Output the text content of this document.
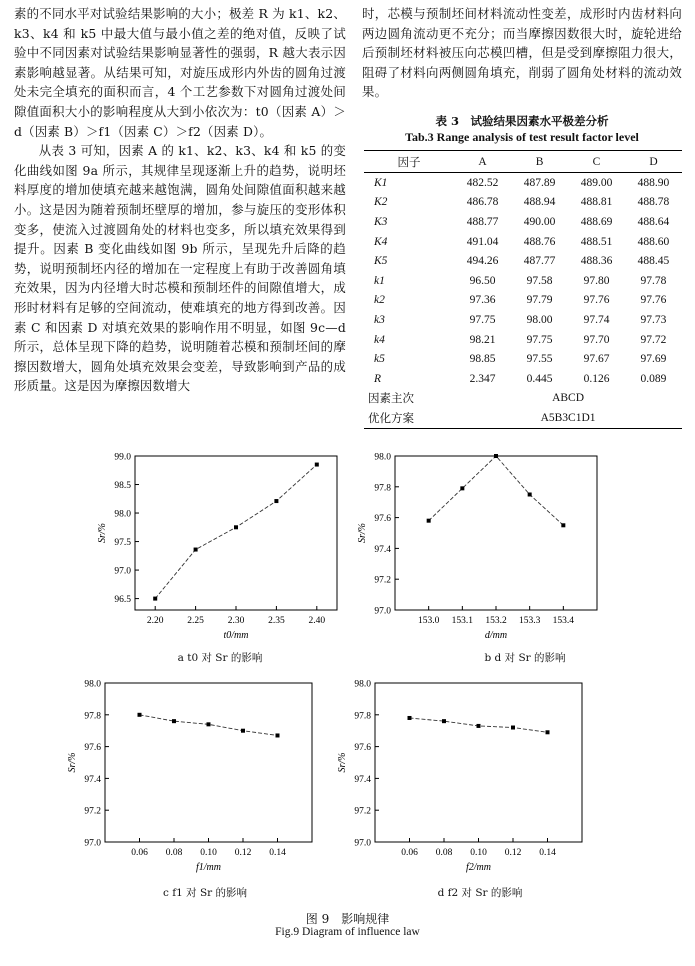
素的不同水平对试验结果影响的大小；极差 R 为 k1、k2、k3、k4 和 k5 中最大值与最小值之差的绝对值，反映了试验中不同因素对试验结果影响显著性的强弱，R 越大表示因素影响越显著。从结果可知，对旋压成形内外齿的圆角过渡处未完全填充的面积而言，4 个工艺参数下对圆角过渡处间隙值面积大小的影响程度从大到小依次为：t0（因素 A）＞d（因素 B）＞f1（因素 C）＞f2（因素 D）。

从表 3 可知，因素 A 的 k1、k2、k3、k4 和 k5 的变化曲线如图 9a 所示，其规律呈现逐渐上升的趋势，说明坯料厚度的增加使填充越来越饱满，圆角处间隙值面积越来越小。这是因为随着预制坯壁厚的增加，参与旋压的变形体积变多，使流入过渡圆角处的材料也变多，所以填充效果得到提升。因素 B 变化曲线如图 9b 所示，呈现先升后降的趋势，说明预制坯内径的增加在一定程度上有助于改善圆角填充效果，因为内径增大时芯模和预制坯件的间隙值增大，成形时材料有足够的空间流动，使难填充的地方得到改善。因素 C 和因素 D 对填充效果的影响作用不明显，如图 9c—d 所示，总体呈现下降的趋势，说明随着芯模和预制坯间的摩擦因数增大，圆角处填充效果会变差，导致影响到产品的成形质量。这是因为摩擦因数增大

时，芯模与预制坯间材料流动性变差，成形时内齿材料向两边圆角流动更不充分；而当摩擦因数很大时，旋轮进给后预制坯材料被压向芯模凹槽，但是受到摩擦阻力很大，阻碍了材料向两侧圆角填充，削弱了圆角处材料的流动效果。

表 3　试验结果因素水平极差分析
Tab.3 Range analysis of test result factor level
因子	A	B	C	D
K1	482.52	487.89	489.00	488.90
K2	486.78	488.94	488.81	488.78
K3	488.77	490.00	488.69	488.64
K4	491.04	488.76	488.51	488.60
K5	494.26	487.77	488.36	488.45
k1	96.50	97.58	97.80	97.78
k2	97.36	97.79	97.76	97.76
k3	97.75	98.00	97.74	97.73
k4	98.21	97.75	97.70	97.72
k5	98.85	97.55	97.67	97.69
R	2.347	0.445	0.126	0.089
因素主次	ABCD			
优化方案	A5B3C1D1			
2.20	2.25	2.30	2.35	2.40
96.5
97.0
97.5
98.0
98.5
99.0
t0/mm
Sr/%
a t0 对 Sr 的影响
153.0 153.1 153.2 153.3 153.4
97.0
97.2
97.4
97.6
97.8
98.0
d/mm
Sr/%
b d 对 Sr 的影响
0.06 0.08 0.10 0.12 0.14
97.0
97.2
97.4
97.6
97.8
98.0
f1/mm
Sr/%
c f1 对 Sr 的影响
0.06 0.08 0.10 0.12 0.14
97.0
97.2
97.4
97.6
97.8
98.0
f2/mm
Sr/%
d f2 对 Sr 的影响
图 9　影响规律
Fig.9 Diagram of influence law
